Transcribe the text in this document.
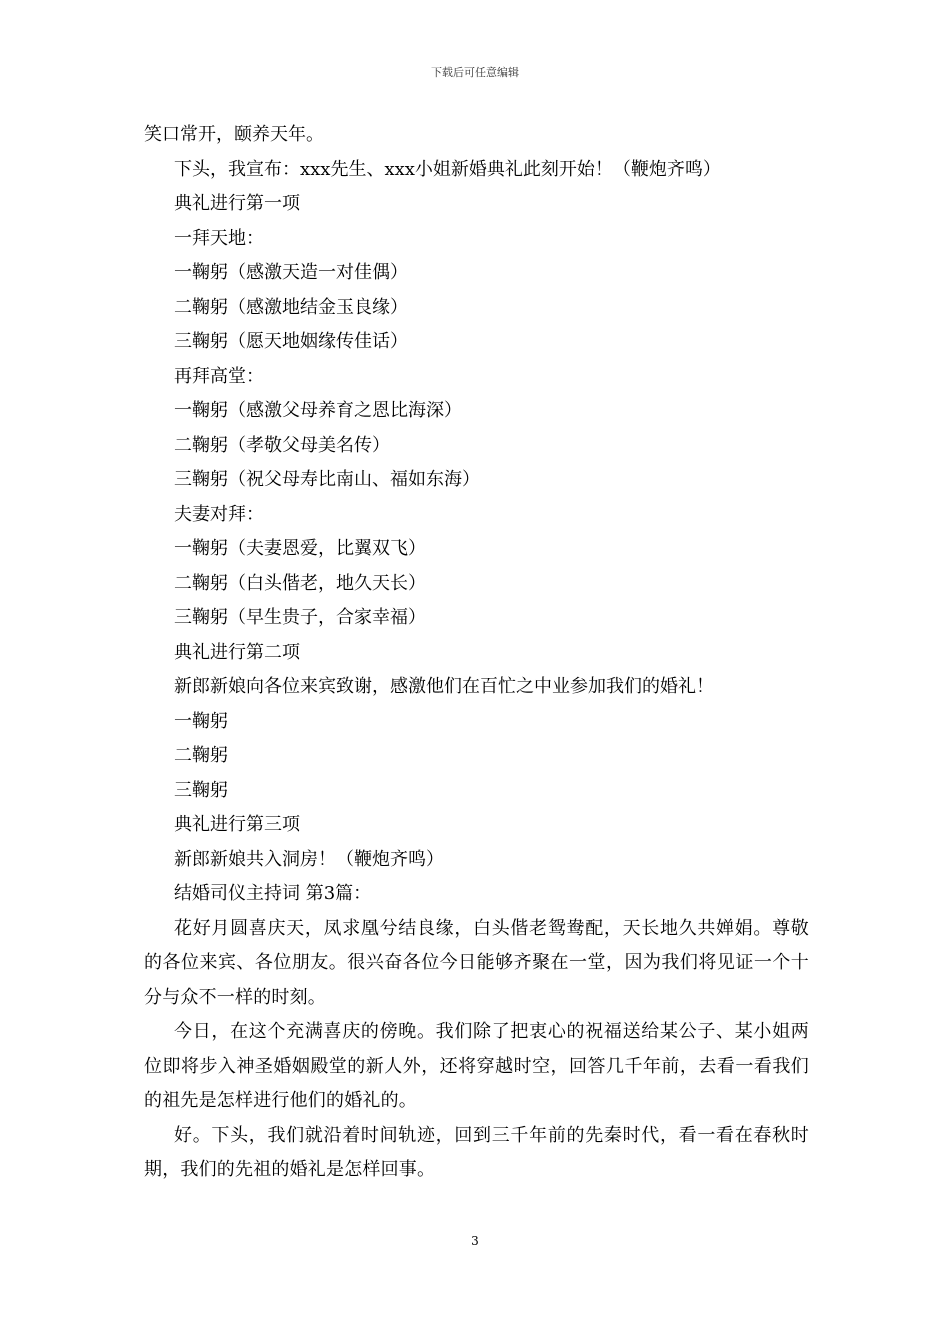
下载后可任意编辑

笑口常开，颐养天年。

下头，我宣布：xxx先生、xxx小姐新婚典礼此刻开始！（鞭炮齐鸣）

典礼进行第一项

一拜天地：

一鞠躬（感激天造一对佳偶）

二鞠躬（感激地结金玉良缘）

三鞠躬（愿天地姻缘传佳话）

再拜高堂：

一鞠躬（感激父母养育之恩比海深）

二鞠躬（孝敬父母美名传）

三鞠躬（祝父母寿比南山、福如东海）

夫妻对拜：

一鞠躬（夫妻恩爱，比翼双飞）

二鞠躬（白头偕老，地久天长）

三鞠躬（早生贵子，合家幸福）

典礼进行第二项

新郎新娘向各位来宾致谢，感激他们在百忙之中业参加我们的婚礼！

一鞠躬

二鞠躬

三鞠躬

典礼进行第三项

新郎新娘共入洞房！（鞭炮齐鸣）

结婚司仪主持词 第3篇：

花好月圆喜庆天，凤求凰兮结良缘，白头偕老鸳鸯配，天长地久共婵娟。尊敬的各位来宾、各位朋友。很兴奋各位今日能够齐聚在一堂，因为我们将见证一个十分与众不一样的时刻。

今日，在这个充满喜庆的傍晚。我们除了把衷心的祝福送给某公子、某小姐两位即将步入神圣婚姻殿堂的新人外，还将穿越时空，回答几千年前，去看一看我们的祖先是怎样进行他们的婚礼的。

好。下头，我们就沿着时间轨迹，回到三千年前的先秦时代，看一看在春秋时期，我们的先祖的婚礼是怎样回事。

3
